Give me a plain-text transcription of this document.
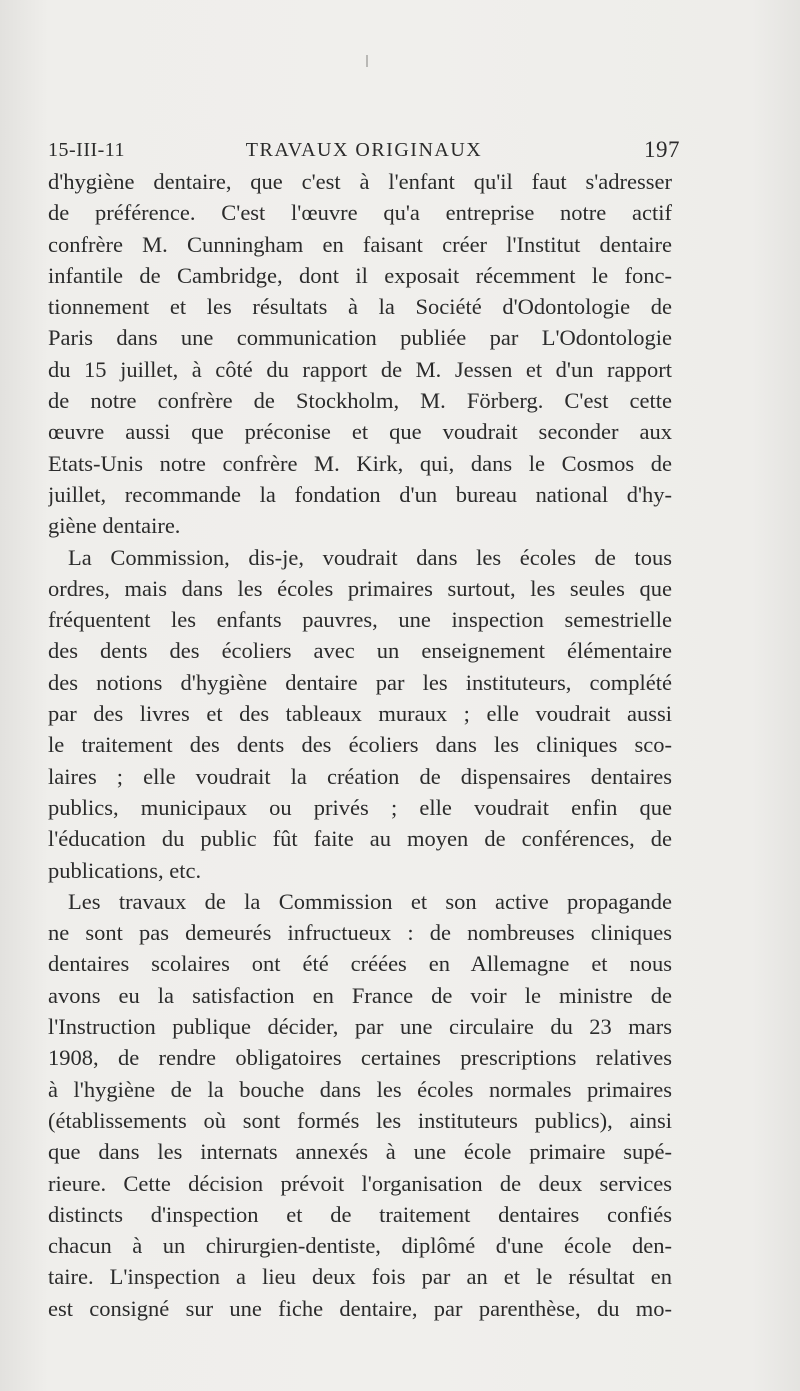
15-III-11	TRAVAUX ORIGINAUX	197
d'hygiène dentaire, que c'est à l'enfant qu'il faut s'adresser
de préférence. C'est l'œuvre qu'a entreprise notre actif
confrère M. Cunningham en faisant créer l'Institut dentaire
infantile de Cambridge, dont il exposait récemment le fonc-
tionnement et les résultats à la Société d'Odontologie de
Paris dans une communication publiée par L'Odontologie
du 15 juillet, à côté du rapport de M. Jessen et d'un rapport
de notre confrère de Stockholm, M. Förberg. C'est cette
œuvre aussi que préconise et que voudrait seconder aux
Etats-Unis notre confrère M. Kirk, qui, dans le Cosmos de
juillet, recommande la fondation d'un bureau national d'hy-
giène dentaire.
La Commission, dis-je, voudrait dans les écoles de tous
ordres, mais dans les écoles primaires surtout, les seules que
fréquentent les enfants pauvres, une inspection semestrielle
des dents des écoliers avec un enseignement élémentaire
des notions d'hygiène dentaire par les instituteurs, complété
par des livres et des tableaux muraux ; elle voudrait aussi
le traitement des dents des écoliers dans les cliniques sco-
laires ; elle voudrait la création de dispensaires dentaires
publics, municipaux ou privés ; elle voudrait enfin que
l'éducation du public fût faite au moyen de conférences, de
publications, etc.
Les travaux de la Commission et son active propagande
ne sont pas demeurés infructueux : de nombreuses cliniques
dentaires scolaires ont été créées en Allemagne et nous
avons eu la satisfaction en France de voir le ministre de
l'Instruction publique décider, par une circulaire du 23 mars
1908, de rendre obligatoires certaines prescriptions relatives
à l'hygiène de la bouche dans les écoles normales primaires
(établissements où sont formés les instituteurs publics), ainsi
que dans les internats annexés à une école primaire supé-
rieure. Cette décision prévoit l'organisation de deux services
distincts d'inspection et de traitement dentaires confiés
chacun à un chirurgien-dentiste, diplômé d'une école den-
taire. L'inspection a lieu deux fois par an et le résultat en
est consigné sur une fiche dentaire, par parenthèse, du mo-
